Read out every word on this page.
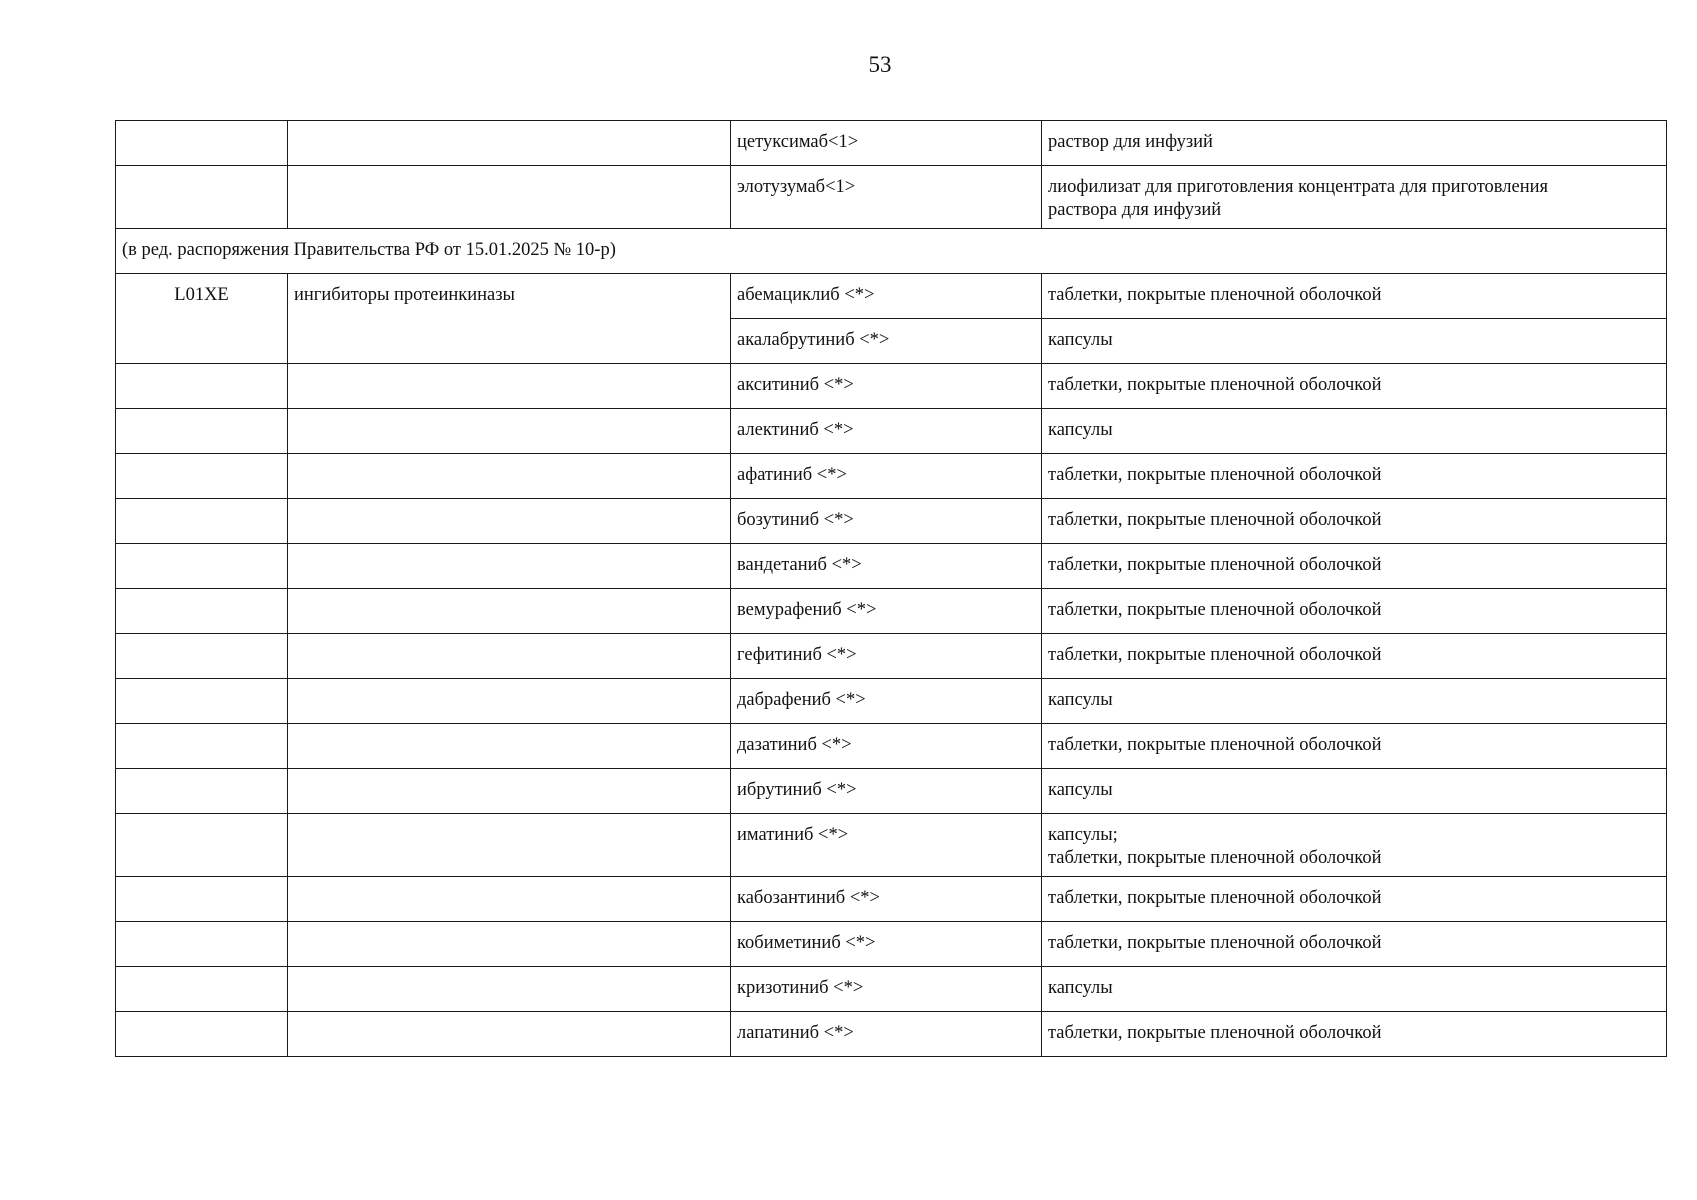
53

		цетуксимаб<1>	раствор для инфузий

		элотузумаб<1>	лиофилизат для приготовления концентрата для приготовления
раствора для инфузий

(в ред. распоряжения Правительства РФ от 15.01.2025 № 10-р)			

L01XE	ингибиторы протеинкиназы	абемациклиб <*>	таблетки, покрытые пленочной оболочкой

		акалабрутиниб <*>	капсулы

		акситиниб <*>	таблетки, покрытые пленочной оболочкой

		алектиниб <*>	капсулы

		афатиниб <*>	таблетки, покрытые пленочной оболочкой

		бозутиниб <*>	таблетки, покрытые пленочной оболочкой

		вандетаниб <*>	таблетки, покрытые пленочной оболочкой

		вемурафениб <*>	таблетки, покрытые пленочной оболочкой

		гефитиниб <*>	таблетки, покрытые пленочной оболочкой

		дабрафениб <*>	капсулы

		дазатиниб <*>	таблетки, покрытые пленочной оболочкой

		ибрутиниб <*>	капсулы

		иматиниб <*>	капсулы;
таблетки, покрытые пленочной оболочкой

		кабозантиниб <*>	таблетки, покрытые пленочной оболочкой

		кобиметиниб <*>	таблетки, покрытые пленочной оболочкой

		кризотиниб <*>	капсулы

		лапатиниб <*>	таблетки, покрытые пленочной оболочкой
